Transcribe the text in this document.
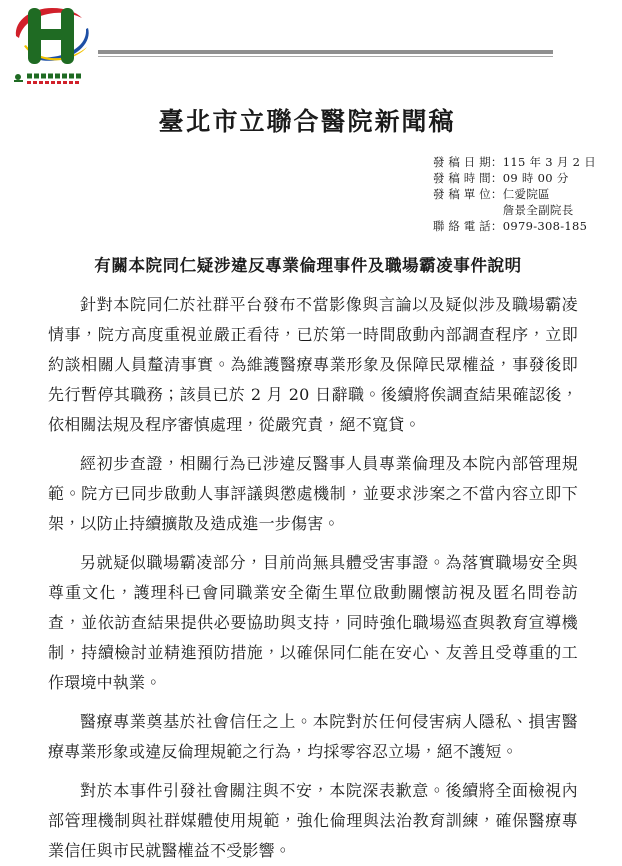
臺北市立聯合醫院新聞稿
發稿日期 ： 115 年 3 月 2 日
發稿時間 ： 09 時 00 分
發稿單位 ： 仁愛院區
詹景全副院長
聯絡電話 ： 0979-308-185
有關本院同仁疑涉違反專業倫理事件及職場霸凌事件說明

針對本院同仁於社群平台發布不當影像與言論以及疑似涉及職場霸凌情事，院方高度重視並嚴正看待，已於第一時間啟動內部調查程序，立即約談相關人員釐清事實。為維護醫療專業形象及保障民眾權益，事發後即先行暫停其職務；該員已於 2 月 20 日辭職。後續將俟調查結果確認後，依相關法規及程序審慎處理，從嚴究責，絕不寬貸。

經初步查證，相關行為已涉違反醫事人員專業倫理及本院內部管理規範。院方已同步啟動人事評議與懲處機制，並要求涉案之不當內容立即下架，以防止持續擴散及造成進一步傷害。

另就疑似職場霸凌部分，目前尚無具體受害事證。為落實職場安全與尊重文化，護理科已會同職業安全衛生單位啟動關懷訪視及匿名問卷訪查，並依訪查結果提供必要協助與支持，同時強化職場巡查與教育宣導機制，持續檢討並精進預防措施，以確保同仁能在安心、友善且受尊重的工作環境中執業。

醫療專業奠基於社會信任之上。本院對於任何侵害病人隱私、損害醫療專業形象或違反倫理規範之行為，均採零容忍立場，絕不護短。

對於本事件引發社會關注與不安，本院深表歉意。後續將全面檢視內部管理機制與社群媒體使用規範，強化倫理與法治教育訓練，確保醫療專業信任與市民就醫權益不受影響。
